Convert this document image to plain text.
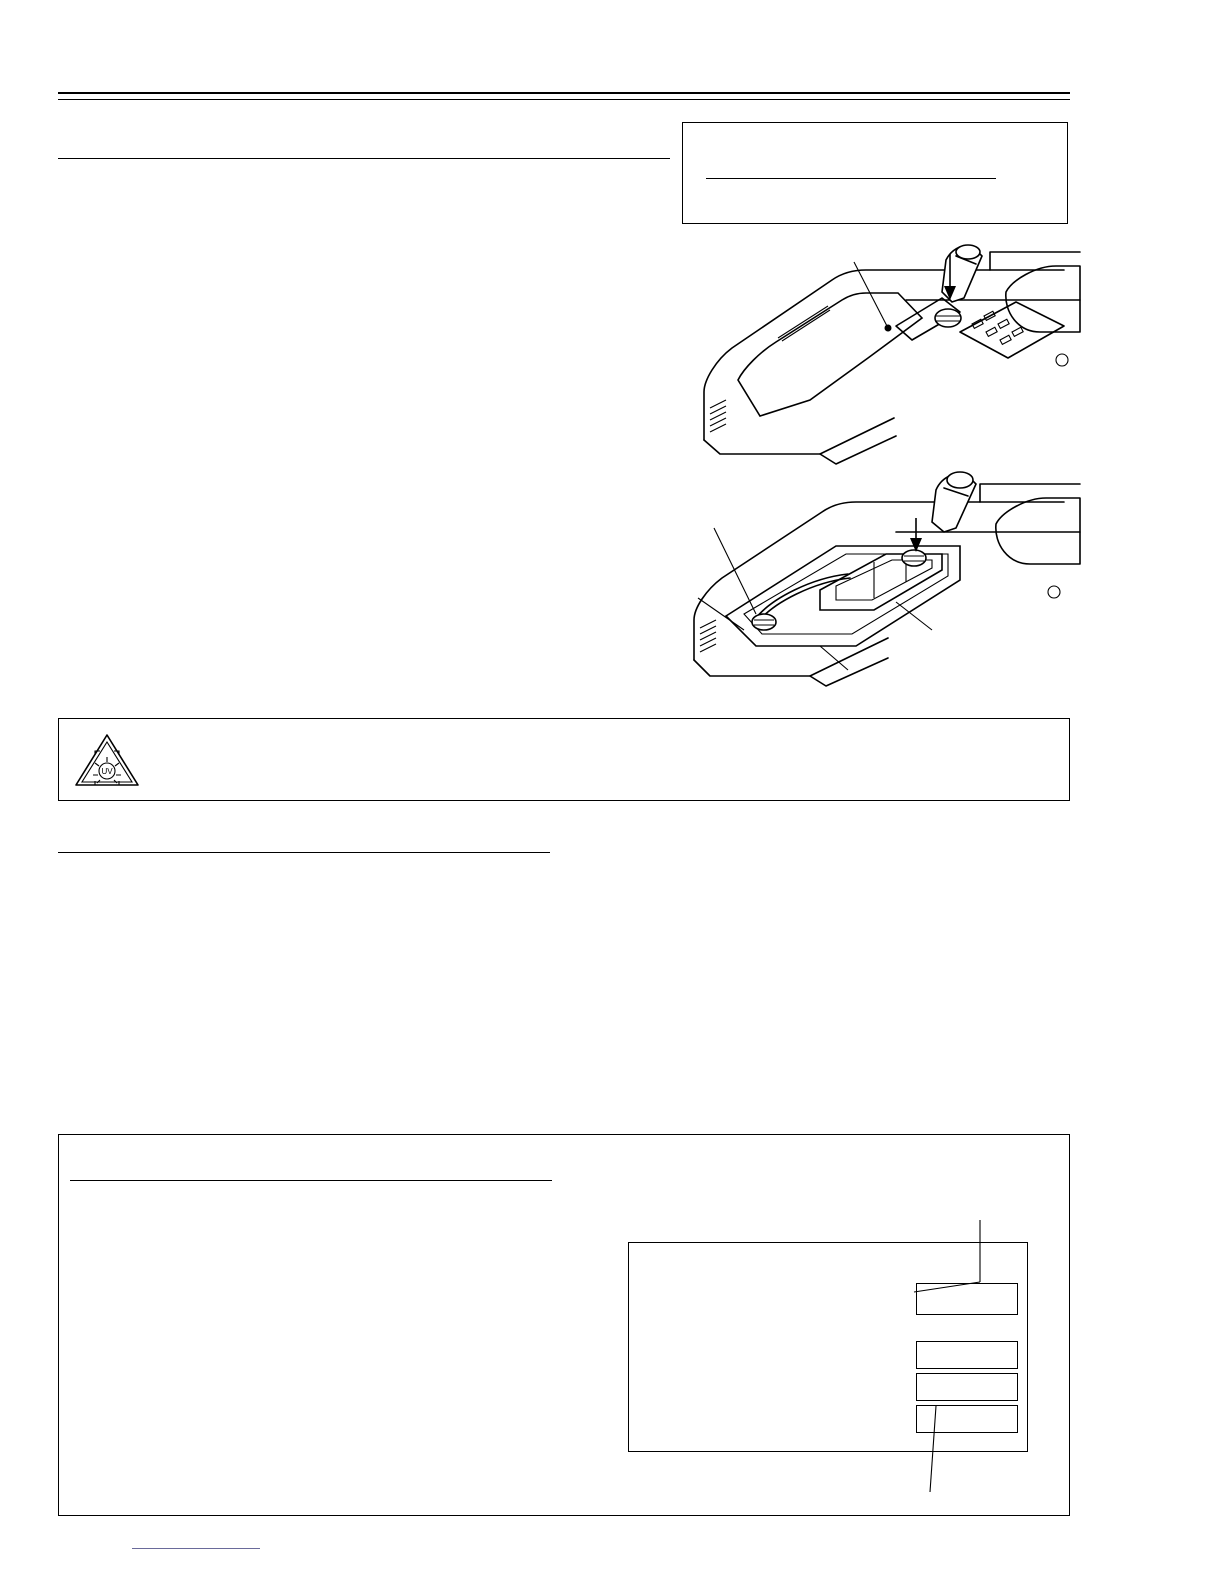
UV
